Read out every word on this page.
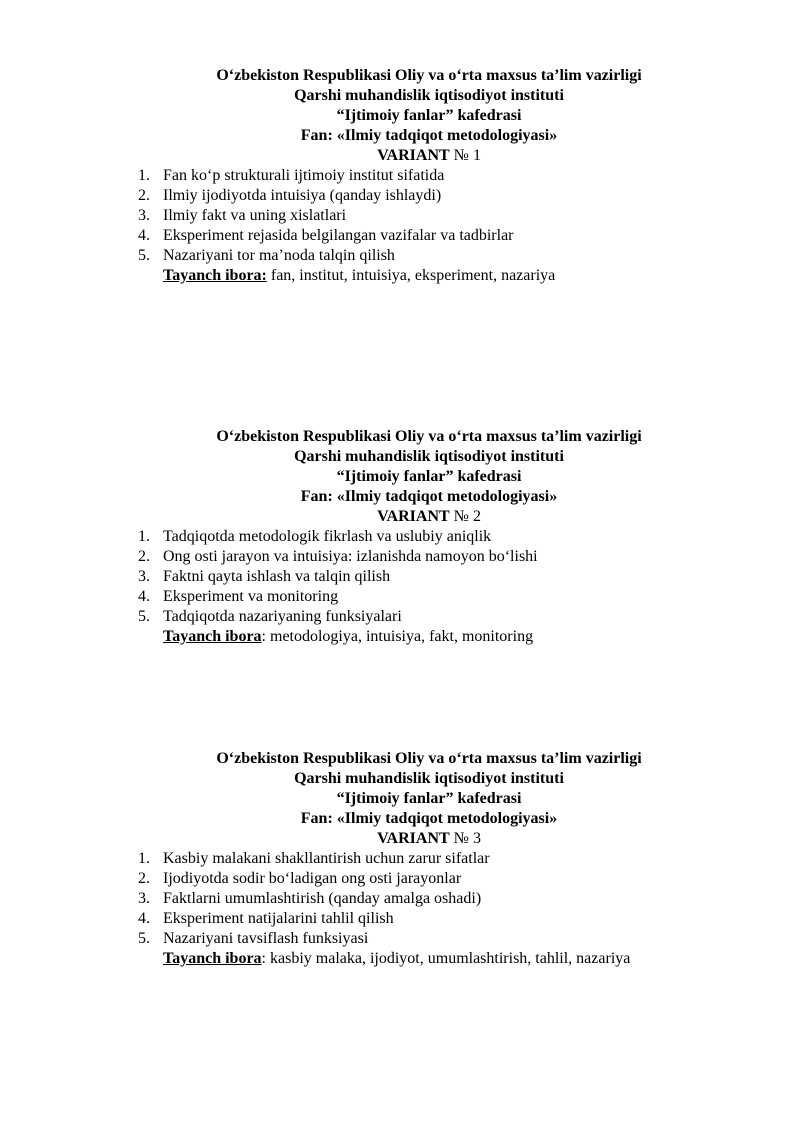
O‘zbekiston Respublikasi Oliy va o‘rta maxsus ta’lim vazirligi
Qarshi muhandislik iqtisodiyot instituti
“Ijtimoiy fanlar” kafedrasi
Fan: «Ilmiy tadqiqot metodologiyasi»
VARIANT № 1
1. Fan ko‘p strukturali ijtimoiy institut sifatida
2. Ilmiy ijodiyotda intuisiya (qanday ishlaydi)
3. Ilmiy fakt va uning xislatlari
4. Eksperiment rejasida belgilangan vazifalar va tadbirlar
5. Nazariyani tor ma’noda talqin qilish
Tayanch ibora: fan, institut, intuisiya, eksperiment, nazariya
O‘zbekiston Respublikasi Oliy va o‘rta maxsus ta’lim vazirligi
Qarshi muhandislik iqtisodiyot instituti
“Ijtimoiy fanlar” kafedrasi
Fan: «Ilmiy tadqiqot metodologiyasi»
VARIANT № 2
1. Tadqiqotda metodologik fikrlash va uslubiy aniqlik
2. Ong osti jarayon va intuisiya: izlanishda namoyon bo‘lishi
3. Faktni qayta ishlash va talqin qilish
4. Eksperiment va monitoring
5. Tadqiqotda nazariyaning funksiyalari
Tayanch ibora: metodologiya, intuisiya, fakt, monitoring
O‘zbekiston Respublikasi Oliy va o‘rta maxsus ta’lim vazirligi
Qarshi muhandislik iqtisodiyot instituti
“Ijtimoiy fanlar” kafedrasi
Fan: «Ilmiy tadqiqot metodologiyasi»
VARIANT № 3
1. Kasbiy malakani shakllantirish uchun zarur sifatlar
2. Ijodiyotda sodir bo‘ladigan ong osti jarayonlar
3. Faktlarni umumlashtirish (qanday amalga oshadi)
4. Eksperiment natijalarini tahlil qilish
5. Nazariyani tavsiflash funksiyasi
Tayanch ibora: kasbiy malaka, ijodiyot, umumlashtirish, tahlil, nazariya
